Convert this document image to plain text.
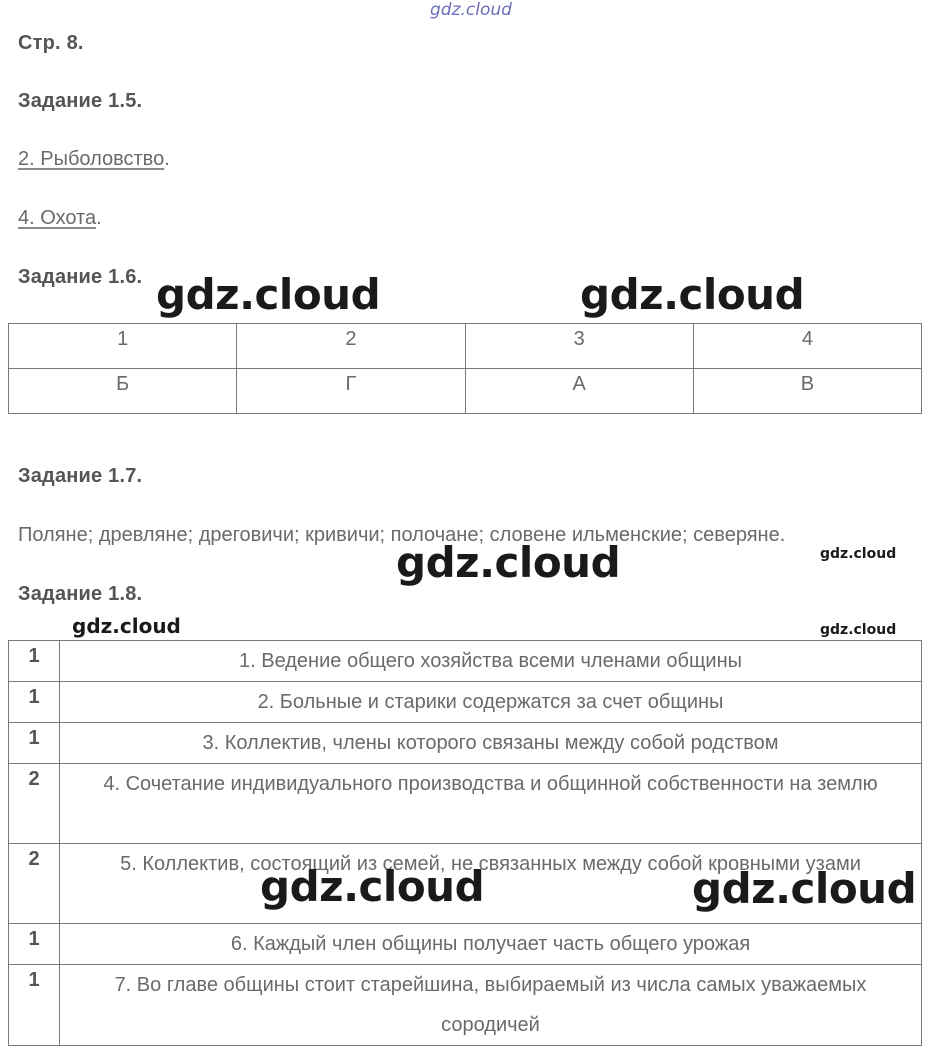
gdz.cloud
Стр. 8.
Задание 1.5.
2. Рыболовство.
4. Охота.
Задание 1.6.
1	2	3	4
Б	Г	А	В
Задание 1.7.
Поляне; древляне; дреговичи; кривичи; полочане; словене ильменские; северяне.
Задание 1.8.
1	1. Ведение общего хозяйства всеми членами общины
1	2. Больные и старики содержатся за счет общины
1	3. Коллектив, члены которого связаны между собой родством
2	4. Сочетание индивидуального производства и общинной собственности на землю
2	5. Коллектив, состоящий из семей, не связанных между собой кровными узами
1	6. Каждый член общины получает часть общего урожая
1	7. Во главе общины стоит старейшина, выбираемый из числа самых уважаемых сородичей
gdz.cloud	gdz.cloud
gdz.cloud	gdz.cloud
gdz.cloud	gdz.cloud
gdz.cloud	gdz.cloud
